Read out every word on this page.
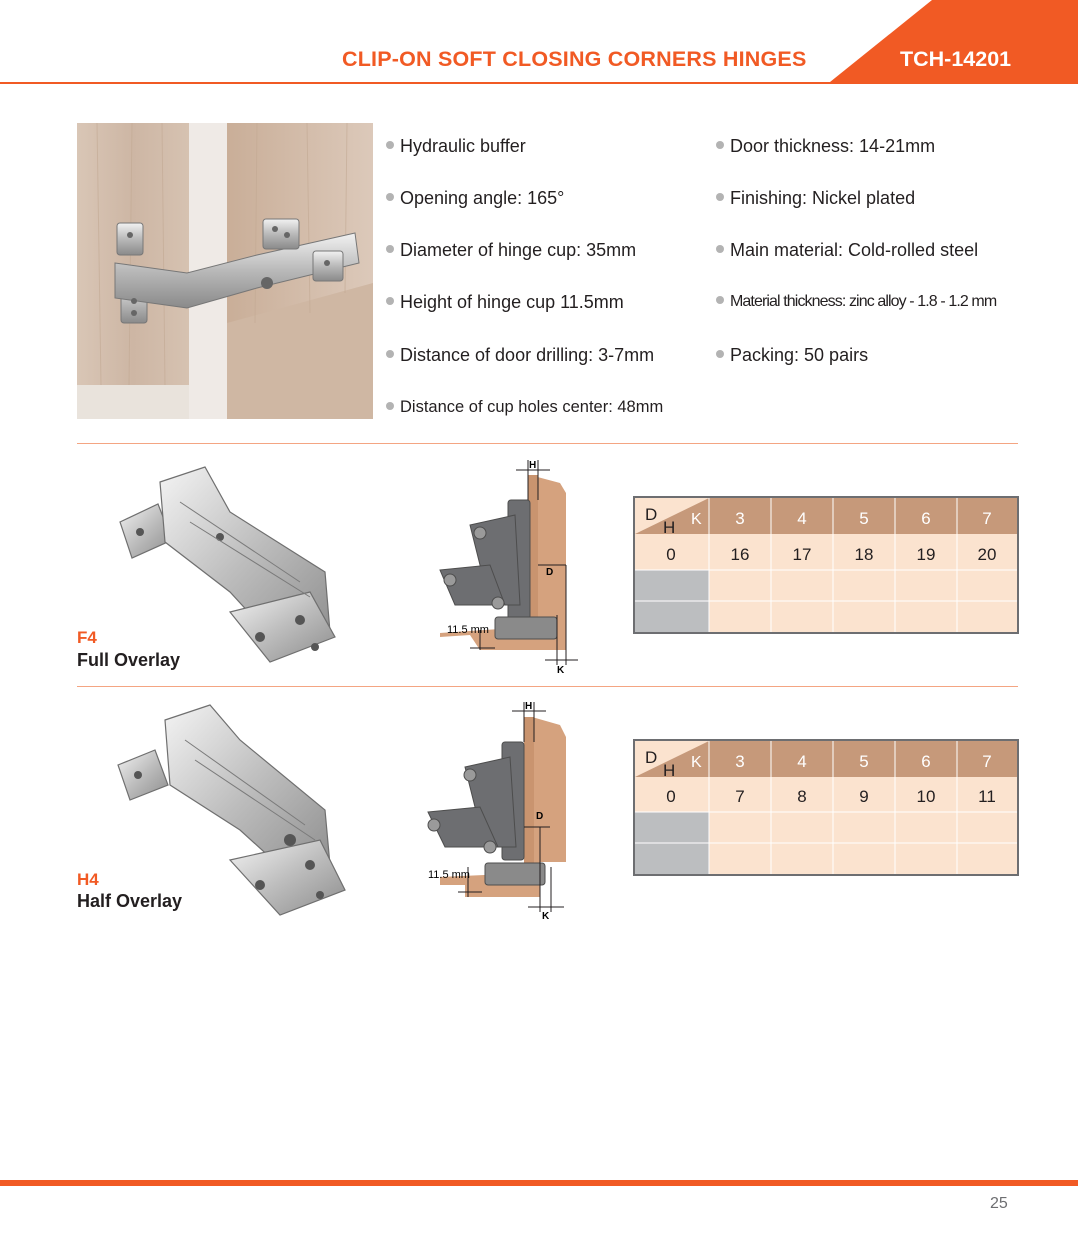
CLIP-ON SOFT CLOSING CORNERS HINGES	TCH-14201
Hydraulic buffer
Opening angle: 165°
Diameter of hinge cup: 35mm
Height of hinge cup 11.5mm
Distance of door drilling: 3-7mm
Distance of cup holes center: 48mm
Door thickness: 14-21mm
Finishing: Nickel plated
Main material: Cold-rolled steel
Material thickness: zinc alloy - 1.8 - 1.2 mm
Packing: 50 pairs
F4
Full Overlay
H
D
K
11.5 mm
D
H K 3	4	5	6	7
0	16	17	18	19 20
H4
Half Overlay
H
D
K
11.5 mm
D
H K 3	4	5	6	7
0	7	8	9	10	11
25
